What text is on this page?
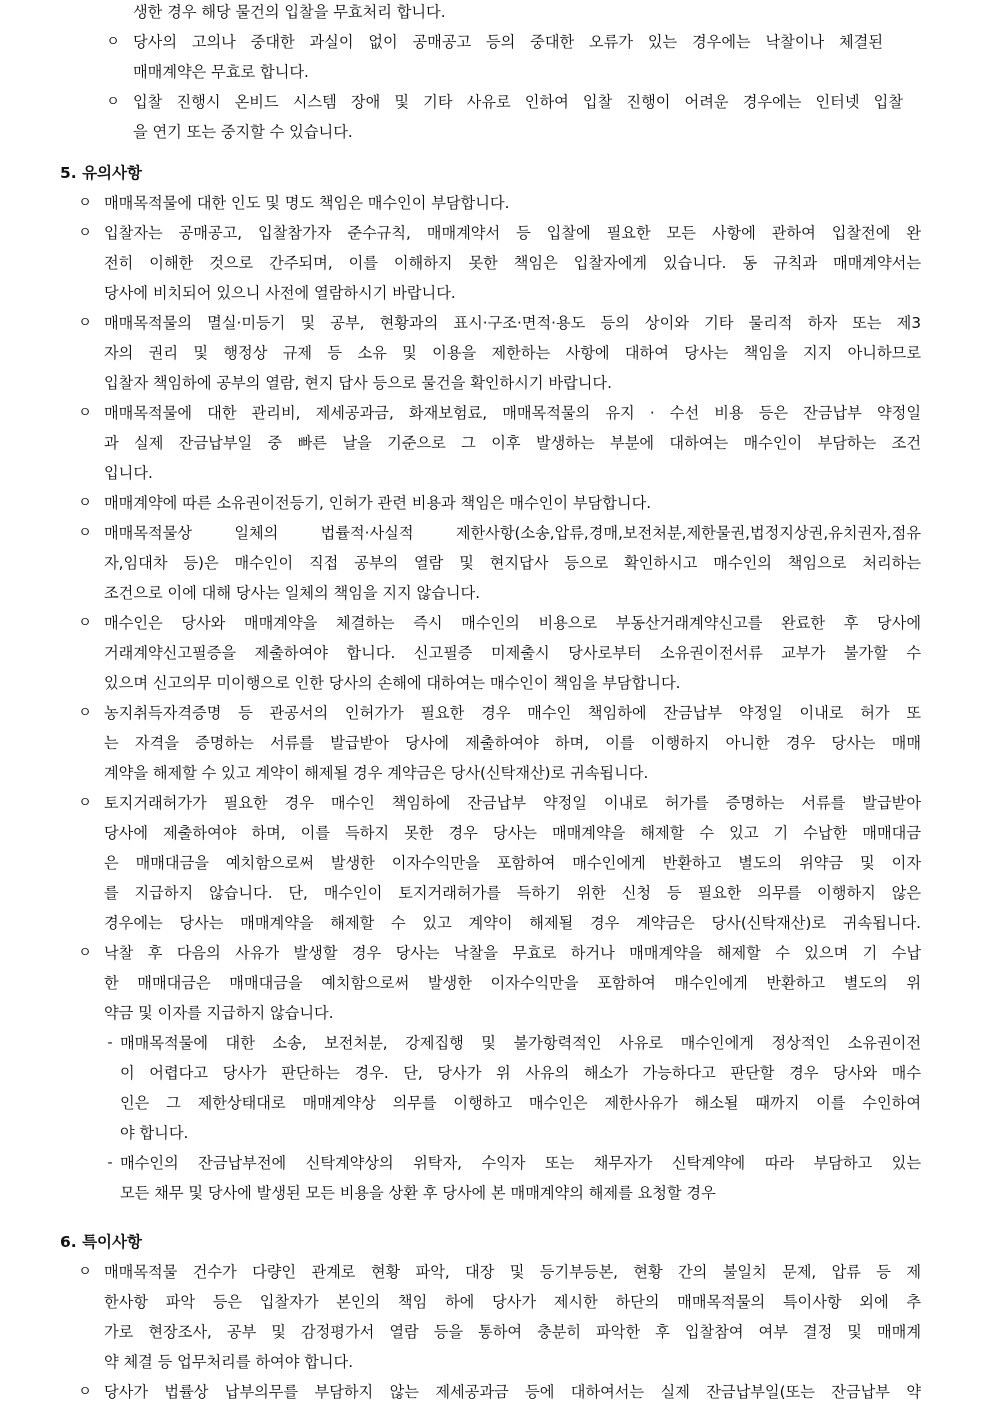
생한 경우 해당 물건의 입찰을 무효처리 합니다.
ㅇ 당사의 고의나 중대한 과실이 없이 공매공고 등의 중대한 오류가 있는 경우에는 낙찰이나 체결된
매매계약은 무효로 합니다.
ㅇ 입찰 진행시 온비드 시스템 장애 및 기타 사유로 인하여 입찰 진행이 어려운 경우에는 인터넷 입찰
을 연기 또는 중지할 수 있습니다.
5. 유의사항
ㅇ 매매목적물에 대한 인도 및 명도 책임은 매수인이 부담합니다.
ㅇ 입찰자는 공매공고, 입찰참가자 준수규칙, 매매계약서 등 입찰에 필요한 모든 사항에 관하여 입찰전에 완
전히 이해한 것으로 간주되며, 이를 이해하지 못한 책임은 입찰자에게 있습니다. 동 규칙과 매매계약서는
당사에 비치되어 있으니 사전에 열람하시기 바랍니다.
ㅇ 매매목적물의 멸실·미등기 및 공부, 현황과의 표시·구조·면적·용도 등의 상이와 기타 물리적 하자 또는 제3
자의 권리 및 행정상 규제 등 소유 및 이용을 제한하는 사항에 대하여 당사는 책임을 지지 아니하므로
입찰자 책임하에 공부의 열람, 현지 답사 등으로 물건을 확인하시기 바랍니다.
ㅇ 매매목적물에 대한 관리비, 제세공과금, 화재보험료, 매매목적물의 유지 · 수선 비용 등은 잔금납부 약정일
과 실제 잔금납부일 중 빠른 날을 기준으로 그 이후 발생하는 부분에 대하여는 매수인이 부담하는 조건
입니다.
ㅇ 매매계약에 따른 소유권이전등기, 인허가 관련 비용과 책임은 매수인이 부담합니다.
ㅇ 매매목적물상 일체의 법률적·사실적 제한사항(소송,압류,경매,보전처분,제한물권,법정지상권,유치권자,점유
자,임대차 등)은 매수인이 직접 공부의 열람 및 현지답사 등으로 확인하시고 매수인의 책임으로 처리하는
조건으로 이에 대해 당사는 일체의 책임을 지지 않습니다.
ㅇ 매수인은 당사와 매매계약을 체결하는 즉시 매수인의 비용으로 부동산거래계약신고를 완료한 후 당사에
거래계약신고필증을 제출하여야 합니다. 신고필증 미제출시 당사로부터 소유권이전서류 교부가 불가할 수
있으며 신고의무 미이행으로 인한 당사의 손해에 대하여는 매수인이 책임을 부담합니다.
ㅇ 농지취득자격증명 등 관공서의 인허가가 필요한 경우 매수인 책임하에 잔금납부 약정일 이내로 허가 또
는 자격을 증명하는 서류를 발급받아 당사에 제출하여야 하며, 이를 이행하지 아니한 경우 당사는 매매
계약을 해제할 수 있고 계약이 해제될 경우 계약금은 당사(신탁재산)로 귀속됩니다.
ㅇ 토지거래허가가 필요한 경우 매수인 책임하에 잔금납부 약정일 이내로 허가를 증명하는 서류를 발급받아
당사에 제출하여야 하며, 이를 득하지 못한 경우 당사는 매매계약을 해제할 수 있고 기 수납한 매매대금
은 매매대금을 예치함으로써 발생한 이자수익만을 포함하여 매수인에게 반환하고 별도의 위약금 및 이자
를 지급하지 않습니다. 단, 매수인이 토지거래허가를 득하기 위한 신청 등 필요한 의무를 이행하지 않은
경우에는 당사는 매매계약을 해제할 수 있고 계약이 해제될 경우 계약금은 당사(신탁재산)로 귀속됩니다.
ㅇ 낙찰 후 다음의 사유가 발생할 경우 당사는 낙찰을 무효로 하거나 매매계약을 해제할 수 있으며 기 수납
한 매매대금은 매매대금을 예치함으로써 발생한 이자수익만을 포함하여 매수인에게 반환하고 별도의 위
약금 및 이자를 지급하지 않습니다.
- 매매목적물에 대한 소송, 보전처분, 강제집행 및 불가항력적인 사유로 매수인에게 정상적인 소유권이전
이 어렵다고 당사가 판단하는 경우. 단, 당사가 위 사유의 해소가 가능하다고 판단할 경우 당사와 매수
인은 그 제한상태대로 매매계약상 의무를 이행하고 매수인은 제한사유가 해소될 때까지 이를 수인하여
야 합니다.
- 매수인의 잔금납부전에 신탁계약상의 위탁자, 수익자 또는 채무자가 신탁계약에 따라 부담하고 있는
모든 채무 및 당사에 발생된 모든 비용을 상환 후 당사에 본 매매계약의 해제를 요청할 경우
6. 특이사항
ㅇ 매매목적물 건수가 다량인 관계로 현황 파악, 대장 및 등기부등본, 현황 간의 불일치 문제, 압류 등 제
한사항 파악 등은 입찰자가 본인의 책임 하에 당사가 제시한 하단의 매매목적물의 특이사항 외에 추
가로 현장조사, 공부 및 감정평가서 열람 등을 통하여 충분히 파악한 후 입찰참여 여부 결정 및 매매계
약 체결 등 업무처리를 하여야 합니다.
ㅇ 당사가 법률상 납부의무를 부담하지 않는 제세공과금 등에 대하여서는 실제 잔금납부일(또는 잔금납부 약
